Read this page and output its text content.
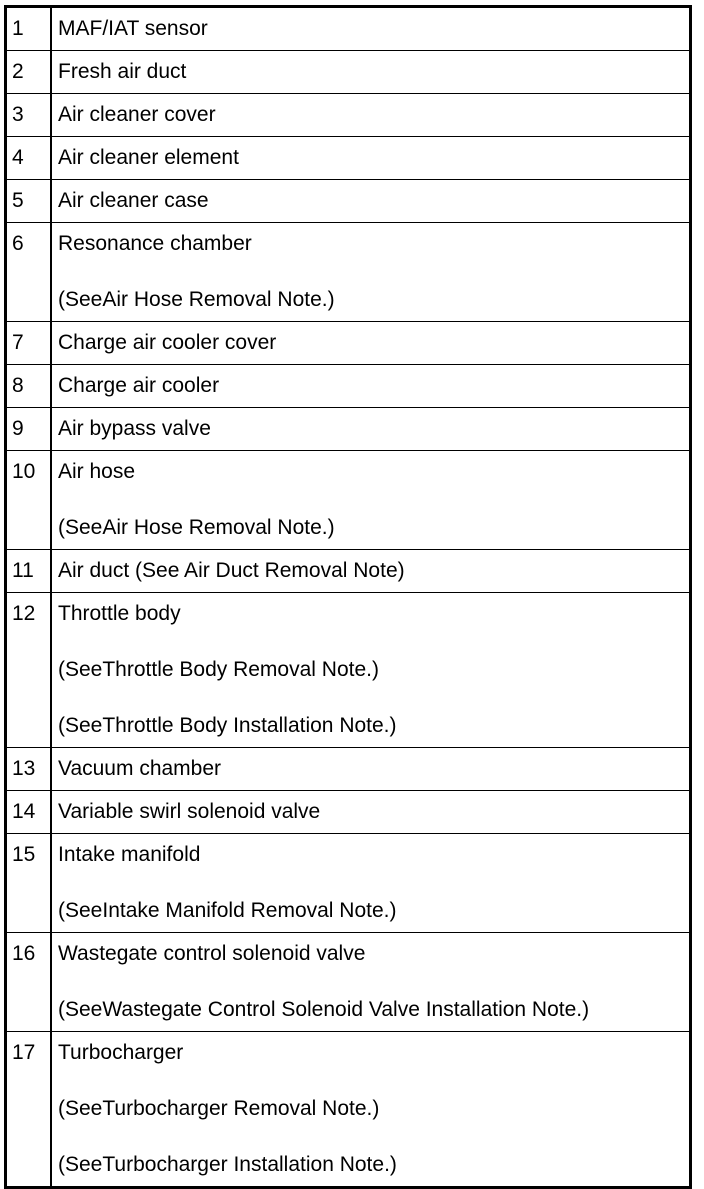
1	MAF/IAT sensor

2	Fresh air duct

3	Air cleaner cover

4	Air cleaner element

5	Air cleaner case

6	Resonance chamber
(SeeAir Hose Removal Note.)

7	Charge air cooler cover

8	Charge air cooler

9	Air bypass valve

10	Air hose
(SeeAir Hose Removal Note.)

11	Air duct (See Air Duct Removal Note)

12	Throttle body
(SeeThrottle Body Removal Note.)
(SeeThrottle Body Installation Note.)

13	Vacuum chamber

14	Variable swirl solenoid valve

15	Intake manifold
(SeeIntake Manifold Removal Note.)

16	Wastegate control solenoid valve
(SeeWastegate Control Solenoid Valve Installation Note.)

17	Turbocharger
(SeeTurbocharger Removal Note.)
(SeeTurbocharger Installation Note.)
